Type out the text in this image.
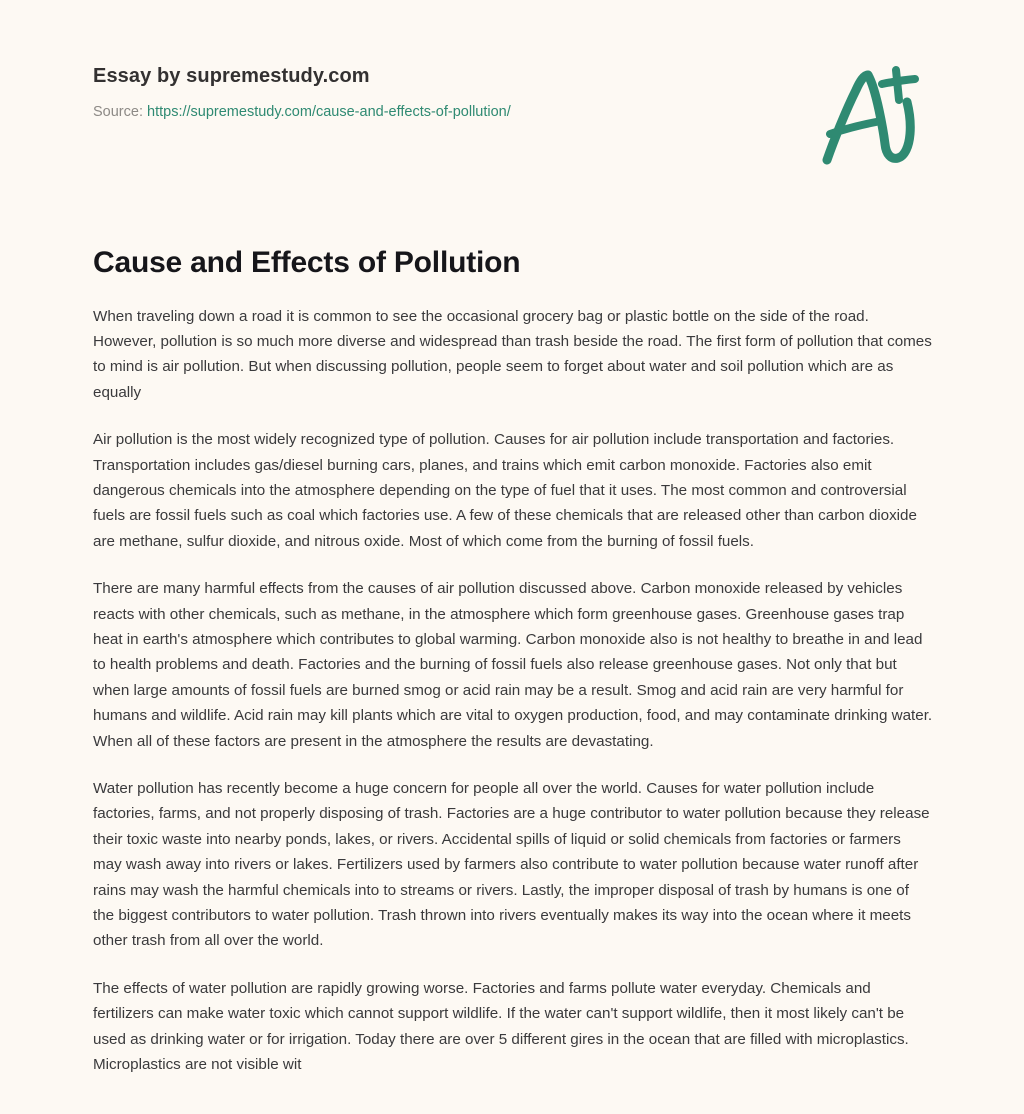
Essay by supremestudy.com
Source: https://supremestudy.com/cause-and-effects-of-pollution/
Cause and Effects of Pollution

When traveling down a road it is common to see the occasional grocery bag or plastic bottle on the side of the road. However, pollution is so much more diverse and widespread than trash beside the road. The first form of pollution that comes to mind is air pollution. But when discussing pollution, people seem to forget about water and soil pollution which are as equally

Air pollution is the most widely recognized type of pollution. Causes for air pollution include transportation and factories. Transportation includes gas/diesel burning cars, planes, and trains which emit carbon monoxide. Factories also emit dangerous chemicals into the atmosphere depending on the type of fuel that it uses. The most common and controversial fuels are fossil fuels such as coal which factories use. A few of these chemicals that are released other than carbon dioxide are methane, sulfur dioxide, and nitrous oxide. Most of which come from the burning of fossil fuels.

There are many harmful effects from the causes of air pollution discussed above. Carbon monoxide released by vehicles reacts with other chemicals, such as methane, in the atmosphere which form greenhouse gases. Greenhouse gases trap heat in earth's atmosphere which contributes to global warming. Carbon monoxide also is not healthy to breathe in and lead to health problems and death. Factories and the burning of fossil fuels also release greenhouse gases. Not only that but when large amounts of fossil fuels are burned smog or acid rain may be a result. Smog and acid rain are very harmful for humans and wildlife. Acid rain may kill plants which are vital to oxygen production, food, and may contaminate drinking water. When all of these factors are present in the atmosphere the results are devastating.

Water pollution has recently become a huge concern for people all over the world. Causes for water pollution include factories, farms, and not properly disposing of trash. Factories are a huge contributor to water pollution because they release their toxic waste into nearby ponds, lakes, or rivers. Accidental spills of liquid or solid chemicals from factories or farmers may wash away into rivers or lakes. Fertilizers used by farmers also contribute to water pollution because water runoff after rains may wash the harmful chemicals into to streams or rivers. Lastly, the improper disposal of trash by humans is one of the biggest contributors to water pollution. Trash thrown into rivers eventually makes its way into the ocean where it meets other trash from all over the world.

The effects of water pollution are rapidly growing worse. Factories and farms pollute water everyday. Chemicals and fertilizers can make water toxic which cannot support wildlife. If the water can't support wildlife, then it most likely can't be used as drinking water or for irrigation. Today there are over 5 different gires in the ocean that are filled with microplastics. Microplastics are not visible wit
